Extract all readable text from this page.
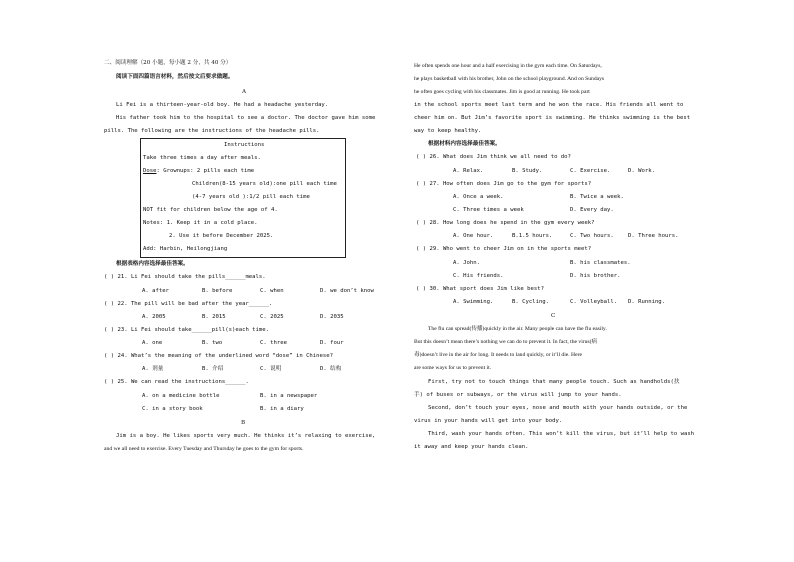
二、阅读理解（20 小题，每小题 2 分，共 40 分）
阅读下面四篇语言材料，然后按文后要求做题。
A
Li Fei is a thirteen-year-old boy. He had a headache yesterday.
His father took him to the hospital to see a doctor. The doctor gave him some
pills. The following are the instructions of the headache pills.
Instructions
Take three times a day after meals.
Dose: Grownups: 2 pills each time
Children(8-15 years old):one pill each time
(4-7 years old ):1/2 pill each time
NOT fit for children below the age of 4.
Notes: 1. Keep it in a cold place.
2. Use it before December 2025.
Add: Harbin, Heilongjiang
根据表格内容选择最佳答案。
( ) 21. Li Fei should take the pills______meals.
A. after	B. before	C. when	D. we don’t know
( ) 22. The pill will be bad after the year______.
A. 2005	B. 2015	C. 2025	D. 2035
( ) 23. Li Fei should take______pill(s)each time.
A. one	B. two	C. three	D. four
( ) 24. What’s the meaning of the underlined word “dose” in Chinese?
A. 剂量	B. 介绍	C. 说明	D. 结构
( ) 25. We can read the instructions______.
A. on a medicine bottle	B. in a newspaper
C. in a story book	B. in a diary
B
Jim is a boy. He likes sports very much. He thinks it’s relaxing to exercise,
and we all need to exercise. Every Tuesday and Thursday he goes to the gym for sports.
He often spends one hour and a half exercising in the gym each time. On Saturdays,
he plays basketball with his brother, John on the school playground. And on Sundays
he often goes cycling with his classmates. Jim is good at running. He took part
in the school sports meet last term and he won the race. His friends all went to
cheer him on. But Jim’s favorite sport is swimming. He thinks swimming is the best
way to keep healthy.
根据材料内容选择最佳答案。
( ) 26. What does Jim think we all need to do?
A. Relax.	B. Study.	C. Exercise.	D. Work.
( ) 27. How often does Jim go to the gym for sports?
A. Once a week.	B. Twice a week.
C. Three times a week	D. Every day.
( ) 28. How long does he spend in the gym every week?
A. One hour.	B.1.5 hours.	C. Two hours.	D. Three hours.
( ) 29. Who went to cheer Jim on in the sports meet?
A. John.	B. his classmates.
C. His friends.	D. his brother.
( ) 30. What sport does Jim like best?
A. Swimming.	B. Cycling.	C. Volleyball. D. Running.
C
The flu can spread(传播)quickly in the air. Many people can have the flu easily.
But this doesn’t mean there’s nothing we can do to prevent it. In fact, the virus(病
毒)doesn’t live in the air for long. It needs to land quickly, or it’ll die. Here
are some ways for us to prevent it.
First, try not to touch things that many people touch. Such as handholds(扶
手) of buses or subways, or the virus will jump to your hands.
Second, don’t touch your eyes, nose and mouth with your hands outside, or the
virus in your hands will get into your body.
Third, wash your hands often. This won’t kill the virus, but it’ll help to wash
it away and keep your hands clean.
